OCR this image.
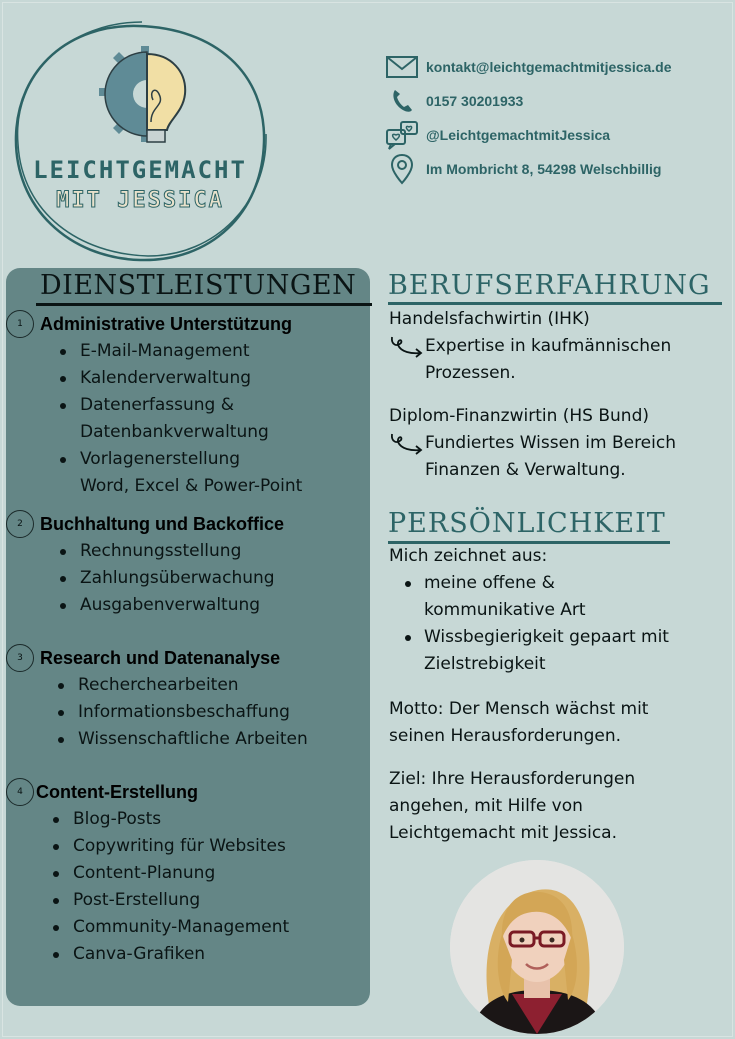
LEICHTGEMACHT
MIT JESSICA
kontakt@leichtgemachtmitjessica.de
0157 30201933
@LeichtgemachtmitJessica
Im Mombricht 8, 54298 Welschbillig
DIENSTLEISTUNGEN
1 Administrative Unterstützung
E-Mail-Management
Kalenderverwaltung
Datenerfassung &
Datenbankverwaltung
Vorlagenerstellung
Word, Excel & Power-Point
2 Buchhaltung und Backoffice
Rechnungsstellung
Zahlungsüberwachung
Ausgabenverwaltung
3 Research und Datenanalyse
Recherchearbeiten
Informationsbeschaffung
Wissenschaftliche Arbeiten
4 Content-Erstellung
Blog-Posts
Copywriting für Websites
Content-Planung
Post-Erstellung
Community-Management
Canva-Grafiken
BERUFSERFAHRUNG
Handelsfachwirtin (IHK)
Expertise in kaufmännischen
Prozessen.
Diplom-Finanzwirtin (HS Bund)
Fundiertes Wissen im Bereich
Finanzen & Verwaltung.
PERSÖNLICHKEIT
Mich zeichnet aus:
meine offene &
kommunikative Art
Wissbegierigkeit gepaart mit
Zielstrebigkeit
Motto: Der Mensch wächst mit
seinen Herausforderungen.
Ziel: Ihre Herausforderungen
angehen, mit Hilfe von
Leichtgemacht mit Jessica.
